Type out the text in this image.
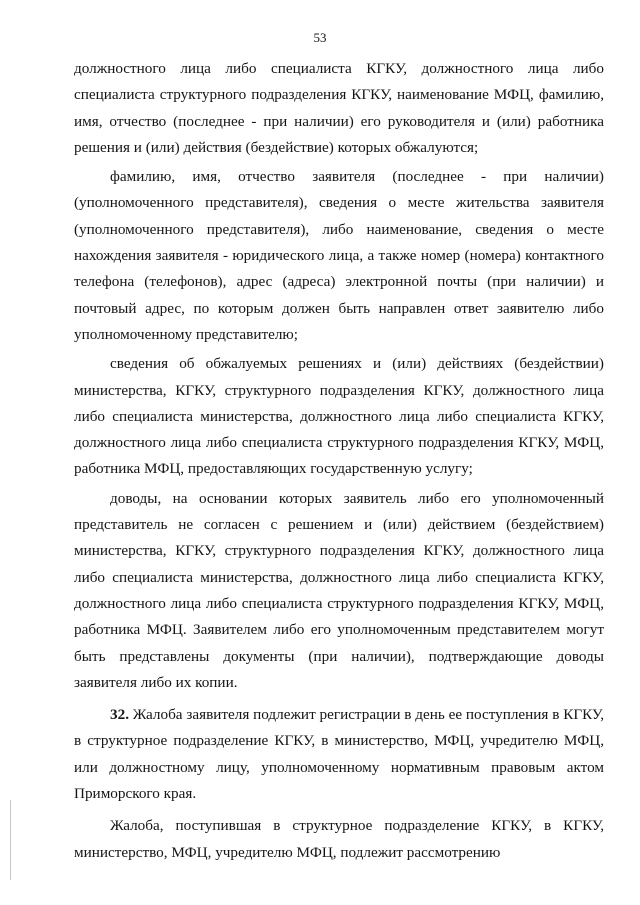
53

должностного лица либо специалиста КГКУ, должностного лица либо специалиста структурного подразделения КГКУ, наименование МФЦ, фамилию, имя, отчество (последнее - при наличии) его руководителя и (или) работника решения и (или) действия (бездействие) которых обжалуются;

фамилию, имя, отчество заявителя (последнее - при наличии) (уполномоченного представителя), сведения о месте жительства заявителя (уполномоченного представителя), либо наименование, сведения о месте нахождения заявителя - юридического лица, а также номер (номера) контактного телефона (телефонов), адрес (адреса) электронной почты (при наличии) и почтовый адрес, по которым должен быть направлен ответ заявителю либо уполномоченному представителю;

сведения об обжалуемых решениях и (или) действиях (бездействии) министерства, КГКУ, структурного подразделения КГКУ, должностного лица либо специалиста министерства, должностного лица либо специалиста КГКУ, должностного лица либо специалиста структурного подразделения КГКУ, МФЦ, работника МФЦ, предоставляющих государственную услугу;

доводы, на основании которых заявитель либо его уполномоченный представитель не согласен с решением и (или) действием (бездействием) министерства, КГКУ, структурного подразделения КГКУ, должностного лица либо специалиста министерства, должностного лица либо специалиста КГКУ, должностного лица либо специалиста структурного подразделения КГКУ, МФЦ, работника МФЦ. Заявителем либо его уполномоченным представителем могут быть представлены документы (при наличии), подтверждающие доводы заявителя либо их копии.

32. Жалоба заявителя подлежит регистрации в день ее поступления в КГКУ, в структурное подразделение КГКУ, в министерство, МФЦ, учредителю МФЦ, или должностному лицу, уполномоченному нормативным правовым актом Приморского края.

Жалоба, поступившая в структурное подразделение КГКУ, в КГКУ, министерство, МФЦ, учредителю МФЦ, подлежит рассмотрению
